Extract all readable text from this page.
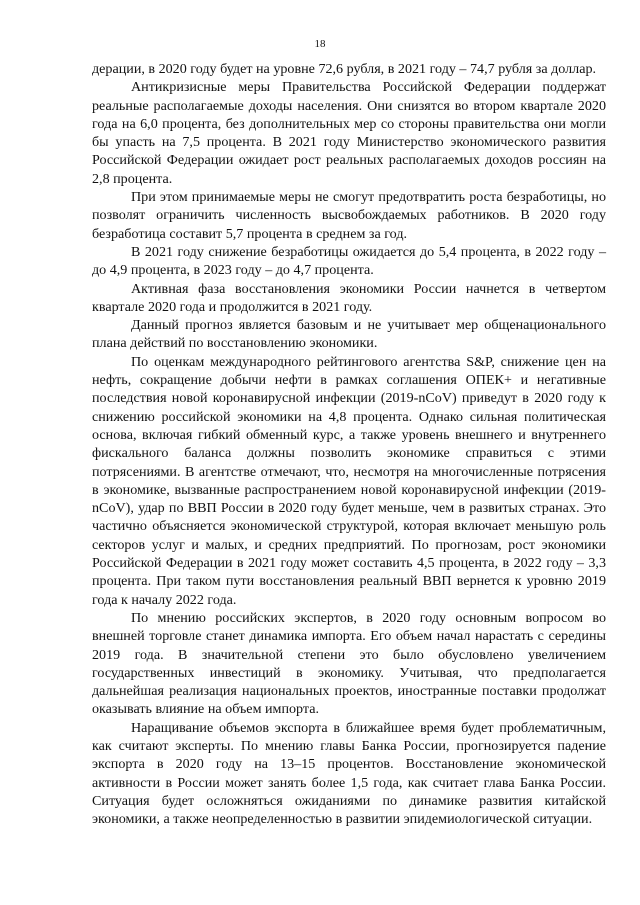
18

дерации, в 2020 году будет на уровне 72,6 рубля, в 2021 году – 74,7 рубля за доллар.

Антикризисные меры Правительства Российской Федерации поддержат реальные располагаемые доходы населения. Они снизятся во втором квартале 2020 года на 6,0 процента, без дополнительных мер со стороны правительства они могли бы упасть на 7,5 процента. В 2021 году Министерство экономического развития Российской Федерации ожидает рост реальных располагаемых доходов россиян на 2,8 процента.

При этом принимаемые меры не смогут предотвратить роста безработицы, но позволят ограничить численность высвобождаемых работников. В 2020 году безработица составит 5,7 процента в среднем за год.

В 2021 году снижение безработицы ожидается до 5,4 процента, в 2022 году – до 4,9 процента, в 2023 году – до 4,7 процента.

Активная фаза восстановления экономики России начнется в четвертом квартале 2020 года и продолжится в 2021 году.

Данный прогноз является базовым и не учитывает мер общенационального плана действий по восстановлению экономики.

По оценкам международного рейтингового агентства S&P, снижение цен на нефть, сокращение добычи нефти в рамках соглашения ОПЕК+ и негативные последствия новой коронавирусной инфекции (2019-nCoV) приведут в 2020 году к снижению российской экономики на 4,8 процента. Однако сильная политическая основа, включая гибкий обменный курс, а также уровень внешнего и внутреннего фискального баланса должны позволить экономике справиться с этими потрясениями. В агентстве отмечают, что, несмотря на многочисленные потрясения в экономике, вызванные распространением новой коронавирусной инфекции (2019-nCoV), удар по ВВП России в 2020 году будет меньше, чем в развитых странах. Это частично объясняется экономической структурой, которая включает меньшую роль секторов услуг и малых, и средних предприятий. По прогнозам, рост экономики Российской Федерации в 2021 году может составить 4,5 процента, в 2022 году – 3,3 процента. При таком пути восстановления реальный ВВП вернется к уровню 2019 года к началу 2022 года.

По мнению российских экспертов, в 2020 году основным вопросом во внешней торговле станет динамика импорта. Его объем начал нарастать с середины 2019 года. В значительной степени это было обусловлено увеличением государственных инвестиций в экономику. Учитывая, что предполагается дальнейшая реализация национальных проектов, иностранные поставки продолжат оказывать влияние на объем импорта.

Наращивание объемов экспорта в ближайшее время будет проблематичным, как считают эксперты. По мнению главы Банка России, прогнозируется падение экспорта в 2020 году на 13–15 процентов. Восстановление экономической активности в России может занять более 1,5 года, как считает глава Банка России. Ситуация будет осложняться ожиданиями по динамике развития китайской экономики, а также неопределенностью в развитии эпидемиологической ситуации.
